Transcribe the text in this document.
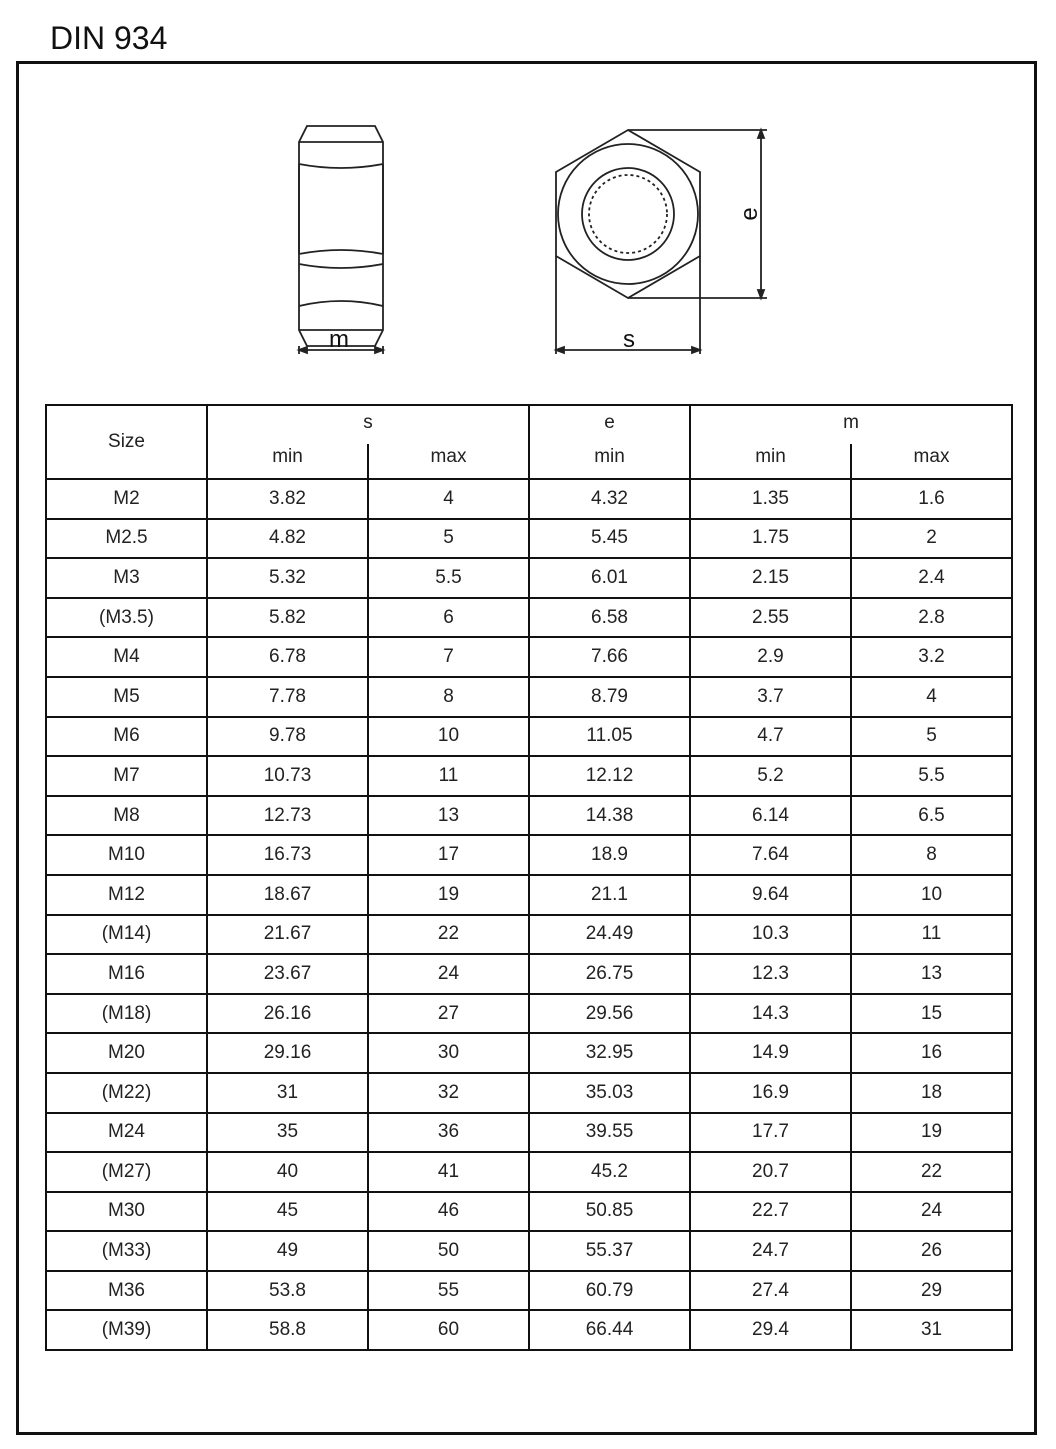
DIN 934
m	s
e
Size	s		e	m	
	min	max	min	min	max
M2	3.82	4	4.32	1.35	1.6
M2.5	4.82	5	5.45	1.75	2
M3	5.32	5.5	6.01	2.15	2.4
(M3.5)	5.82	6	6.58	2.55	2.8
M4	6.78	7	7.66	2.9	3.2
M5	7.78	8	8.79	3.7	4
M6	9.78	10	11.05	4.7	5
M7	10.73	11	12.12	5.2	5.5
M8	12.73	13	14.38	6.14	6.5
M10	16.73	17	18.9	7.64	8
M12	18.67	19	21.1	9.64	10
(M14)	21.67	22	24.49	10.3	11
M16	23.67	24	26.75	12.3	13
(M18)	26.16	27	29.56	14.3	15
M20	29.16	30	32.95	14.9	16
(M22)	31	32	35.03	16.9	18
M24	35	36	39.55	17.7	19
(M27)	40	41	45.2	20.7	22
M30	45	46	50.85	22.7	24
(M33)	49	50	55.37	24.7	26
M36	53.8	55	60.79	27.4	29
(M39)	58.8	60	66.44	29.4	31
